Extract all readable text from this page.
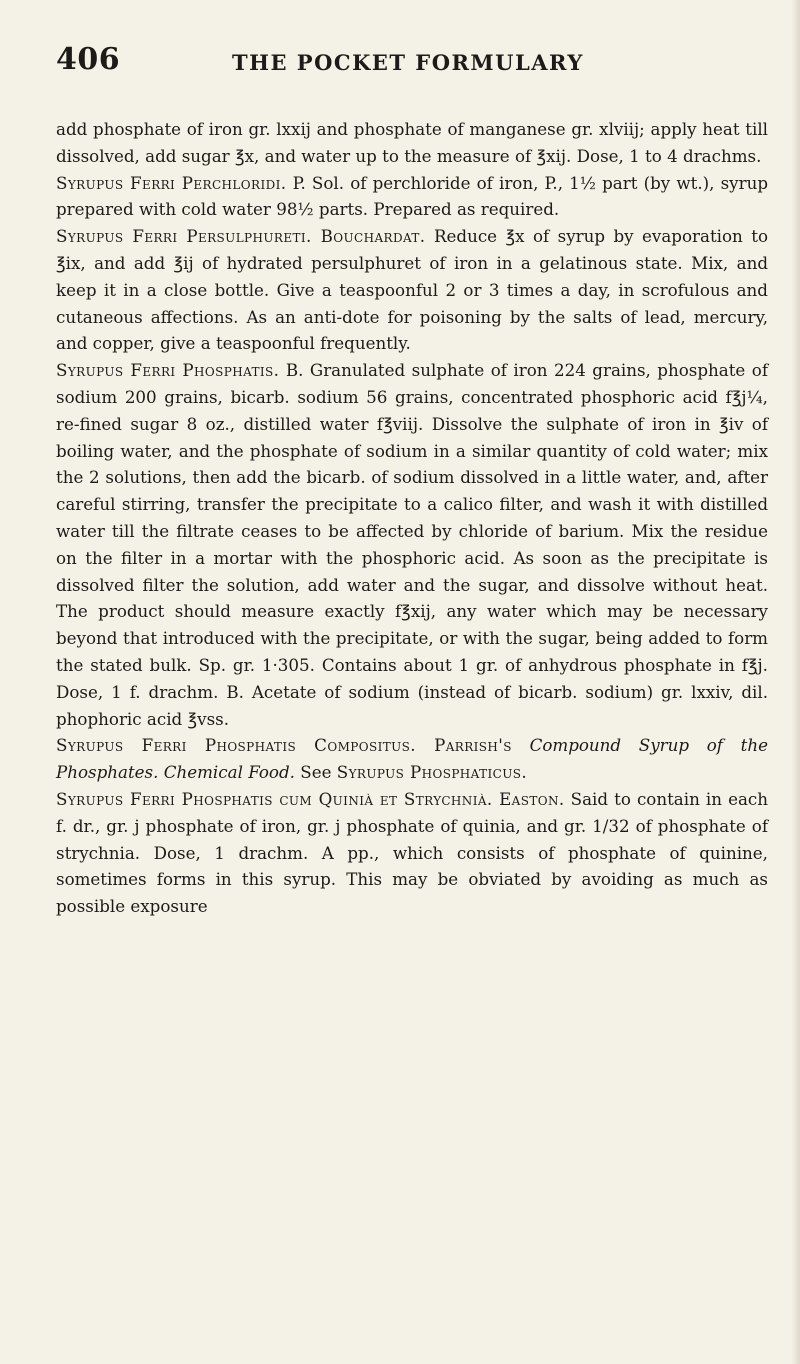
406	THE POCKET FORMULARY

add phosphate of iron gr. lxxij and phosphate of manganese gr. xlviij; apply heat till dissolved, add sugar ℥x, and water up to the measure of ℥xij. Dose, 1 to 4 drachms.

Syrupus Ferri Perchloridi. P. Sol. of perchloride of iron, P., 1½ part (by wt.), syrup prepared with cold water 98½ parts. Prepared as required.

Syrupus Ferri Persulphureti. Bouchardat. Reduce ℥x of syrup by evaporation to ℥ix, and add ℥ij of hydrated persulphuret of iron in a gelatinous state. Mix, and keep it in a close bottle. Give a teaspoonful 2 or 3 times a day, in scrofulous and cutaneous affections. As an anti-dote for poisoning by the salts of lead, mercury, and copper, give a teaspoonful frequently.

Syrupus Ferri Phosphatis. B. Granulated sulphate of iron 224 grains, phosphate of sodium 200 grains, bicarb. sodium 56 grains, concentrated phosphoric acid f℥j¼, re-fined sugar 8 oz., distilled water f℥viij. Dissolve the sulphate of iron in ℥iv of boiling water, and the phosphate of sodium in a similar quantity of cold water; mix the 2 solutions, then add the bicarb. of sodium dissolved in a little water, and, after careful stirring, transfer the precipitate to a calico filter, and wash it with distilled water till the filtrate ceases to be affected by chloride of barium. Mix the residue on the filter in a mortar with the phosphoric acid. As soon as the precipitate is dissolved filter the solution, add water and the sugar, and dissolve without heat. The product should measure exactly f℥xij, any water which may be necessary beyond that introduced with the precipitate, or with the sugar, being added to form the stated bulk. Sp. gr. 1·305. Contains about 1 gr. of anhydrous phosphate in f℥j. Dose, 1 f. drachm. B. Acetate of sodium (instead of bicarb. sodium) gr. lxxiv, dil. phophoric acid ℥vss.

Syrupus Ferri Phosphatis Compositus. Parrish's Compound Syrup of the Phosphates. Chemical Food. See Syrupus Phosphaticus.

Syrupus Ferri Phosphatis cum Quinià et Strychnià. Easton. Said to contain in each f. dr., gr. j phosphate of iron, gr. j phosphate of quinia, and gr. 1/32 of phosphate of strychnia. Dose, 1 drachm. A pp., which consists of phosphate of quinine, sometimes forms in this syrup. This may be obviated by avoiding as much as possible exposure
